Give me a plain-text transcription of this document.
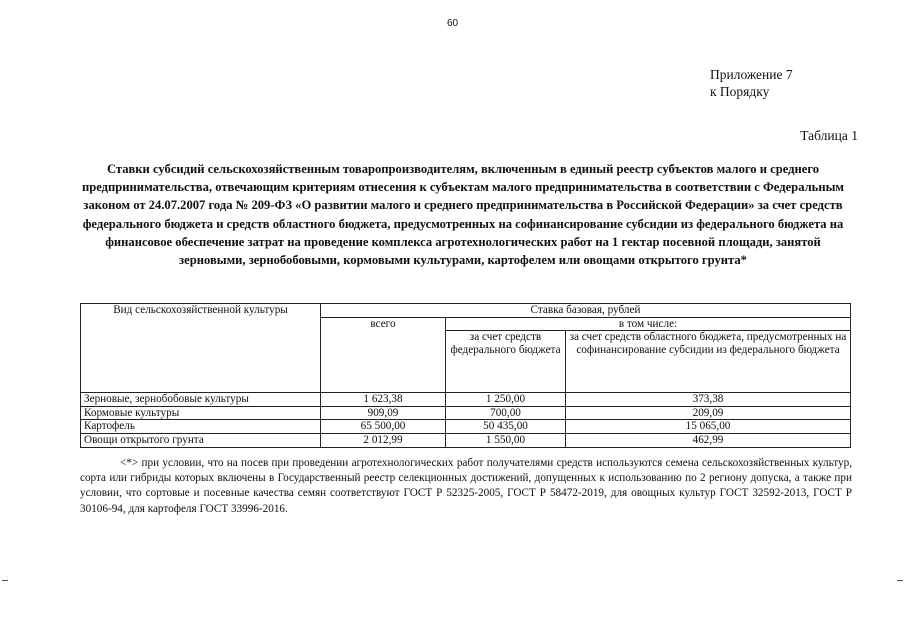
60
Приложение 7
к Порядку
Таблица 1
Ставки субсидий сельскохозяйственным товаропроизводителям, включенным в единый реестр субъектов малого и среднего предпринимательства, отвечающим критериям отнесения к субъектам малого предпринимательства в соответствии с Федеральным законом от 24.07.2007 года № 209-ФЗ «О развитии малого и среднего предпринимательства в Российской Федерации» за счет средств федерального бюджета и средств областного бюджета, предусмотренных на софинансирование субсидии из федерального бюджета на финансовое обеспечение затрат на проведение комплекса агротехнологических работ на 1 гектар посевной площади, занятой зерновыми, зернобобовыми, кормовыми культурами, картофелем или овощами открытого грунта*
Вид сельскохозяйственной культуры	Ставка базовая, рублей		
	всего	в том числе:	
		за счет средств федерального бюджета	за счет средств областного бюджета, предусмотренных на софинансирование субсидии из федерального бюджета
Зерновые, зернобобовые культуры	1 623,38	1 250,00	373,38
Кормовые культуры	909,09	700,00	209,09
Картофель	65 500,00	50 435,00	15 065,00
Овощи открытого грунта	2 012,99	1 550,00	462,99
<*> при условии, что на посев при проведении агротехнологических работ получателями средств используются семена сельскохозяйственных культур, сорта или гибриды которых включены в Государственный реестр селекционных достижений, допущенных к использованию по 2 региону допуска, а также при условии, что сортовые и посевные качества семян соответствуют ГОСТ Р 52325-2005, ГОСТ Р 58472-2019, для овощных культур ГОСТ 32592-2013, ГОСТ Р 30106-94, для картофеля ГОСТ 33996-2016.
